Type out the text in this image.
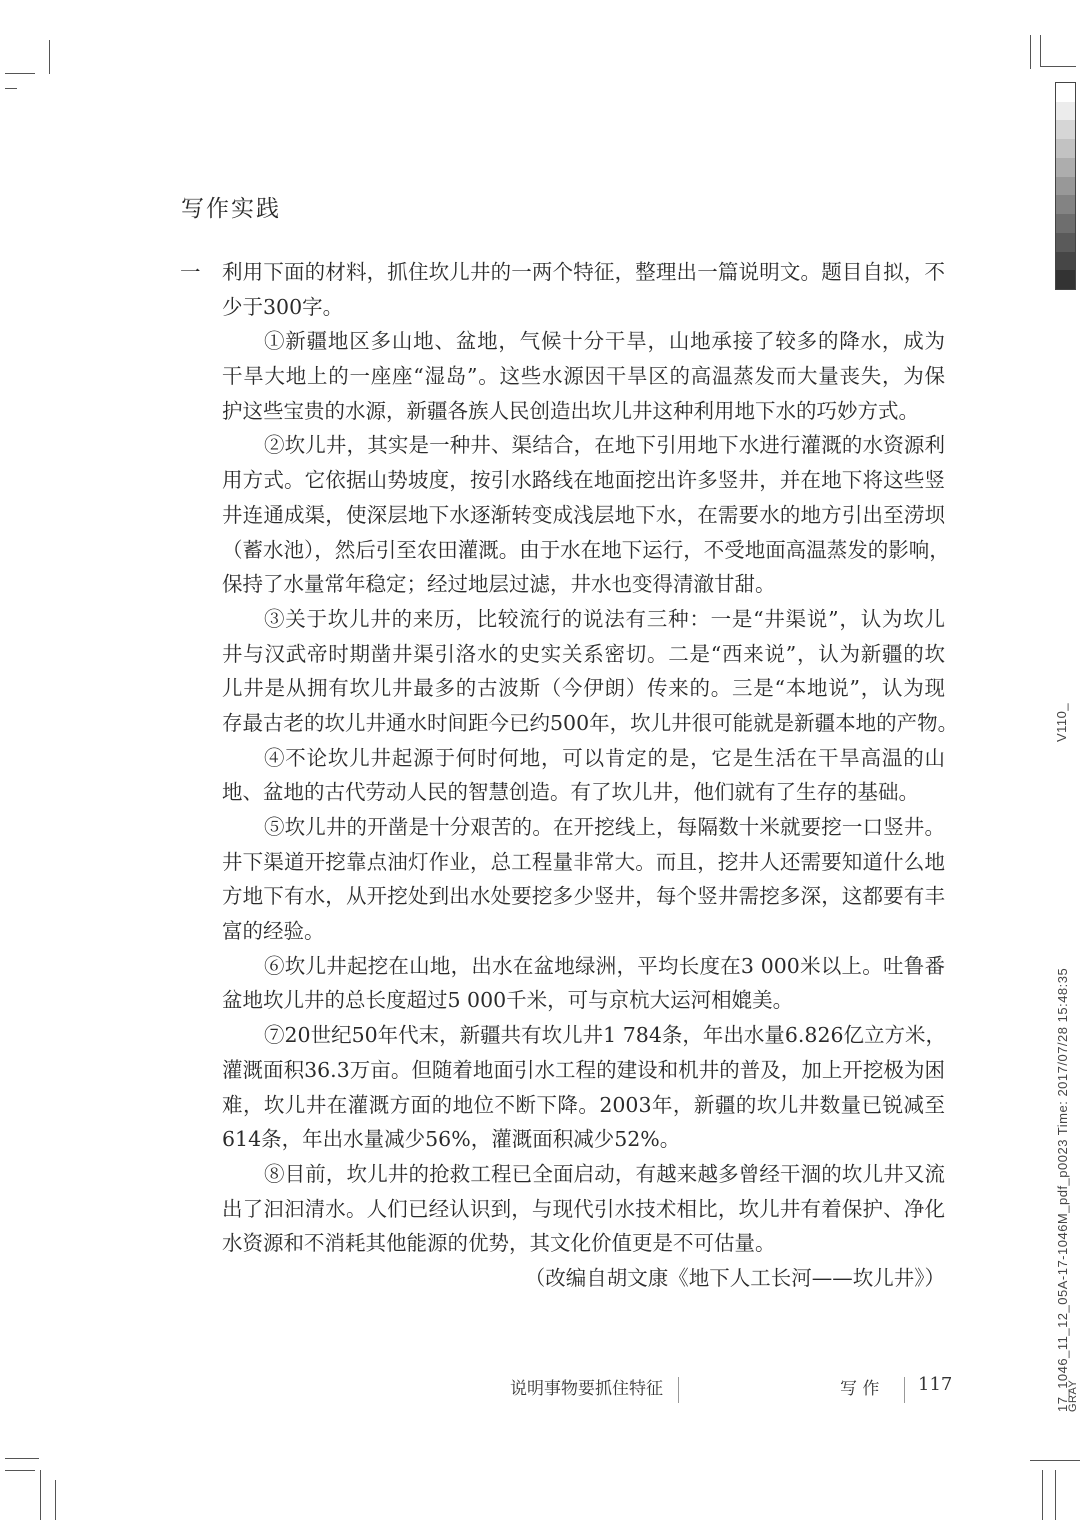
写作实践
一 利用下面的材料，抓住坎儿井的一两个特征，整理出一篇说明文。题目自拟，不
少于300字。
①新疆地区多山地、盆地，气候十分干旱，山地承接了较多的降水，成为
干旱大地上的一座座“湿岛”。这些水源因干旱区的高温蒸发而大量丧失，为保
护这些宝贵的水源，新疆各族人民创造出坎儿井这种利用地下水的巧妙方式。
②坎儿井，其实是一种井、渠结合，在地下引用地下水进行灌溉的水资源利
用方式。它依据山势坡度，按引水路线在地面挖出许多竖井，并在地下将这些竖
井连通成渠，使深层地下水逐渐转变成浅层地下水，在需要水的地方引出至涝坝
（蓄水池），然后引至农田灌溉。由于水在地下运行，不受地面高温蒸发的影响，
保持了水量常年稳定；经过地层过滤，井水也变得清澈甘甜。
③关于坎儿井的来历，比较流行的说法有三种：一是“井渠说”，认为坎儿
井与汉武帝时期凿井渠引洛水的史实关系密切。二是“西来说”，认为新疆的坎
儿井是从拥有坎儿井最多的古波斯（今伊朗）传来的。三是“本地说”，认为现
存最古老的坎儿井通水时间距今已约500年，坎儿井很可能就是新疆本地的产物。
④不论坎儿井起源于何时何地，可以肯定的是，它是生活在干旱高温的山
地、盆地的古代劳动人民的智慧创造。有了坎儿井，他们就有了生存的基础。
⑤坎儿井的开凿是十分艰苦的。在开挖线上，每隔数十米就要挖一口竖井。
井下渠道开挖靠点油灯作业，总工程量非常大。而且，挖井人还需要知道什么地
方地下有水，从开挖处到出水处要挖多少竖井，每个竖井需挖多深，这都要有丰
富的经验。
⑥坎儿井起挖在山地，出水在盆地绿洲，平均长度在3 000米以上。吐鲁番
盆地坎儿井的总长度超过5 000千米，可与京杭大运河相媲美。
⑦20世纪50年代末，新疆共有坎儿井1 784条，年出水量6.826亿立方米，
灌溉面积36.3万亩。但随着地面引水工程的建设和机井的普及，加上开挖极为困
难，坎儿井在灌溉方面的地位不断下降。2003年，新疆的坎儿井数量已锐减至
614条，年出水量减少56%，灌溉面积减少52%。
⑧目前，坎儿井的抢救工程已全面启动，有越来越多曾经干涸的坎儿井又流
出了汩汩清水。人们已经认识到，与现代引水技术相比，坎儿井有着保护、净化
水资源和不消耗其他能源的优势，其文化价值更是不可估量。
（改编自胡文康《地下人工长河——坎儿井》）
说明事物要抓住特征	写 作 117
V110_
17_1046_11_12_05A-17-1046M_pdf_p0023 Time: 2017/07/28 15:48:35
GRAY
